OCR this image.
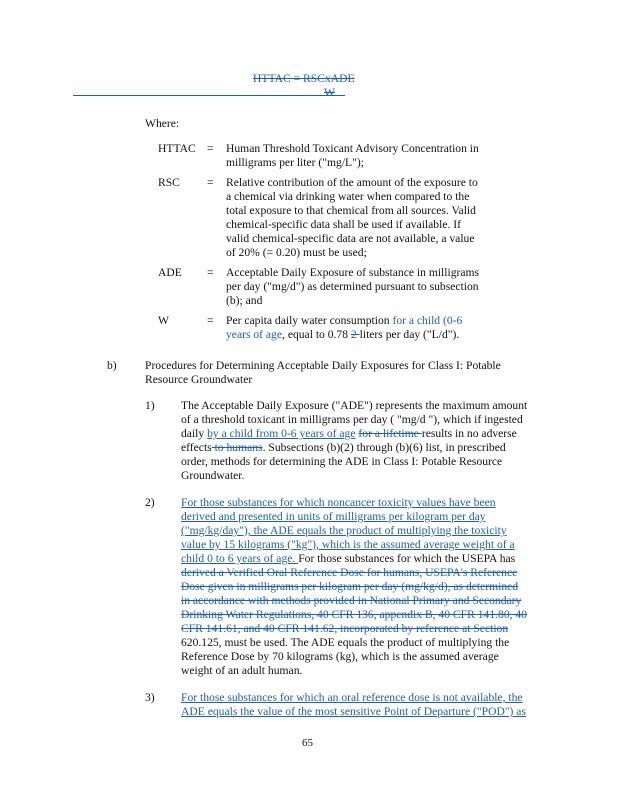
HTTAC = RSCxADE
W
Where:
HTTAC = Human Threshold Toxicant Advisory Concentration in
milligrams per liter ("mg/L");
RSC = Relative contribution of the amount of the exposure to
a chemical via drinking water when compared to the
total exposure to that chemical from all sources. Valid
chemical-specific data shall be used if available. If
valid chemical-specific data are not available, a value
of 20% (= 0.20) must be used;
ADE = Acceptable Daily Exposure of substance in milligrams
per day ("mg/d") as determined pursuant to subsection
(b); and
W	= Per capita daily water consumption for a child (0-6
years of age, equal to 0.78 2 liters per day ("L/d").
b) Procedures for Determining Acceptable Daily Exposures for Class I: Potable
Resource Groundwater
1) The Acceptable Daily Exposure ("ADE") represents the maximum amount
of a threshold toxicant in milligrams per day ( "mg/d "), which if ingested
daily by a child from 0-6 years of age for a lifetime results in no adverse
effects to humans. Subsections (b)(2) through (b)(6) list, in prescribed
order, methods for determining the ADE in Class I: Potable Resource
Groundwater.
2) For those substances for which noncancer toxicity values have been
derived and presented in units of milligrams per kilogram per day
("mg/kg/day"), the ADE equals the product of multiplying the toxicity
value by 15 kilograms ("kg"), which is the assumed average weight of a
child 0 to 6 years of age. For those substances for which the USEPA has
derived a Verified Oral Reference Dose for humans, USEPA's Reference
Dose given in milligrams per kilogram per day (mg/kg/d), as determined
in accordance with methods provided in National Primary and Secondary
Drinking Water Regulations, 40 CFR 136, appendix B, 40 CFR 141.80, 40
CFR 141.61, and 40 CFR 141.62, incorporated by reference at Section
620.125, must be used. The ADE equals the product of multiplying the
Reference Dose by 70 kilograms (kg), which is the assumed average
weight of an adult human.
3) For those substances for which an oral reference dose is not available, the
ADE equals the value of the most sensitive Point of Departure ("POD") as
65
